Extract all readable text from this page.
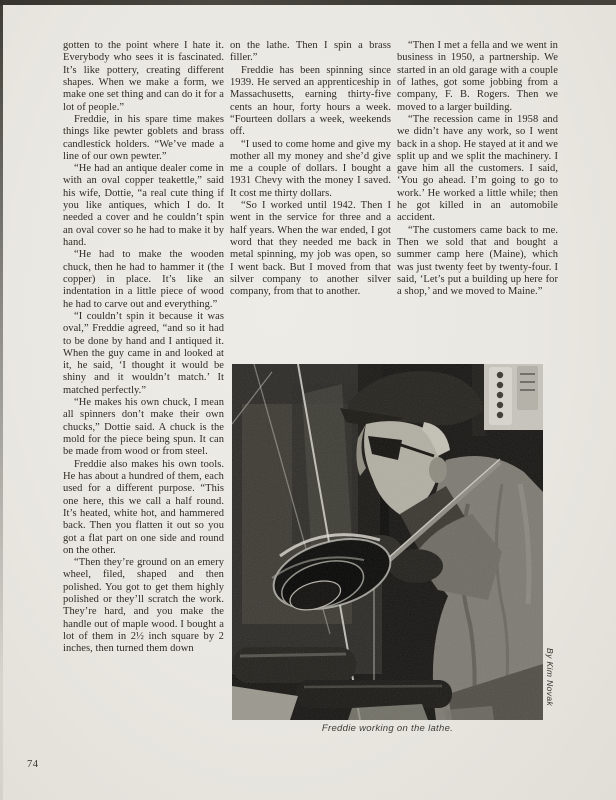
gotten to the point where I hate it. Everybody who sees it is fascinated. It’s like pottery, creating different shapes. When we make a form, we make one set thing and can do it for a lot of people.”

Freddie, in his spare time makes things like pewter goblets and brass candlestick holders. “We’ve made a line of our own pewter.”

“He had an antique dealer come in with an oval copper teakettle,” said his wife, Dottie, “a real cute thing if you like antiques, which I do. It needed a cover and he couldn’t spin an oval cover so he had to make it by hand.

“He had to make the wooden chuck, then he had to hammer it (the copper) in place. It’s like an indentation in a little piece of wood he had to carve out and everything.”

“I couldn’t spin it because it was oval,” Freddie agreed, “and so it had to be done by hand and I antiqued it. When the guy came in and looked at it, he said, ‘I thought it would be shiny and it wouldn’t match.’ It matched perfectly.”

“He makes his own chuck, I mean all spinners don’t make their own chucks,” Dottie said. A chuck is the mold for the piece being spun. It can be made from wood or from steel.

Freddie also makes his own tools. He has about a hundred of them, each used for a different purpose. “This one here, this we call a half round. It’s heated, white hot, and hammered back. Then you flatten it out so you got a flat part on one side and round on the other.

“Then they’re ground on an emery wheel, filed, shaped and then polished. You got to get them highly polished or they’ll scratch the work. They’re hard, and you make the handle out of maple wood. I bought a lot of them in 2½ inch square by 2 inches, then turned them down

on the lathe. Then I spin a brass filler.”

Freddie has been spinning since 1939. He served an apprenticeship in Massachusetts, earning thirty-five cents an hour, forty hours a week. “Fourteen dollars a week, weekends off.

“I used to come home and give my mother all my money and she’d give me a couple of dollars. I bought a 1931 Chevy with the money I saved. It cost me thirty dollars.

“So I worked until 1942. Then I went in the service for three and a half years. When the war ended, I got word that they needed me back in metal spinning, my job was open, so I went back. But I moved from that silver company to another silver company, from that to another.

“Then I met a fella and we went in business in 1950, a partnership. We started in an old garage with a couple of lathes, got some jobbing from a company, F. B. Rogers. Then we moved to a larger building.

“The recession came in 1958 and we didn’t have any work, so I went back in a shop. He stayed at it and we split up and we split the machinery. I gave him all the customers. I said, ‘You go ahead. I’m going to go to work.’ He worked a little while; then he got killed in an automobile accident.

“The customers came back to me. Then we sold that and bought a summer camp here (Maine), which was just twenty feet by twenty-four. I said, ‘Let’s put a building up here for a shop,’ and we moved to Maine.”

Freddie working on the lathe.
By Kim Novak
74
